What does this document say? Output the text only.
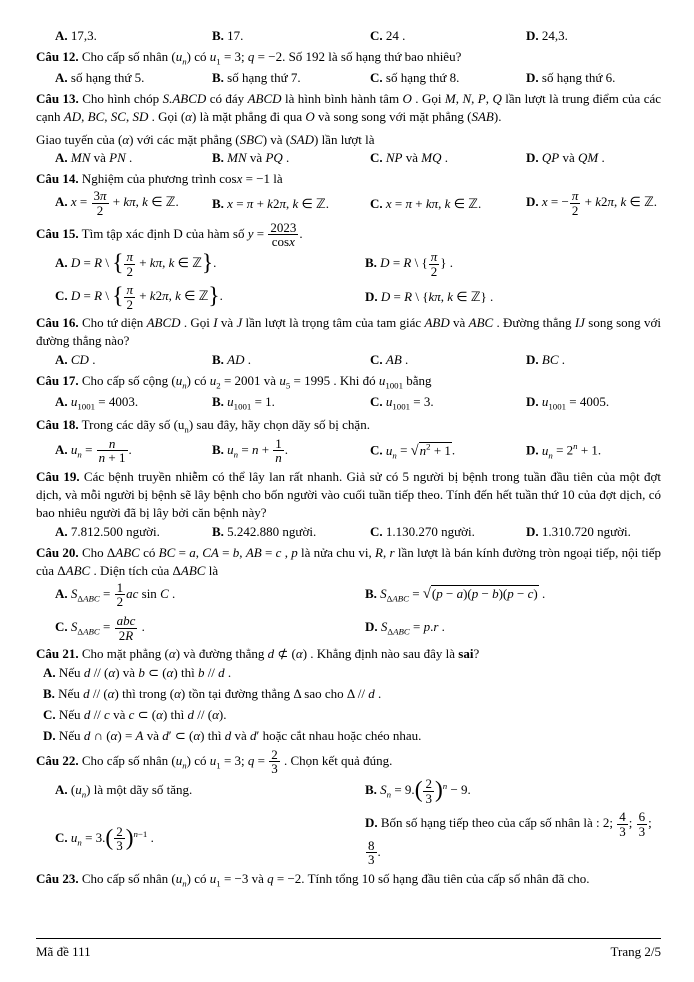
A. 17,3.	B. 17.	C. 24 .	D. 24,3.
Câu 12. Cho cấp số nhân $(u_n)$ có $u_1 = 3$; q = −2. Số 192 là số hạng thứ bao nhiêu?
A. số hạng thứ 5.	B. số hạng thứ 7.	C. số hạng thứ 8.	D. số hạng thứ 6.
Câu 13. Cho hình chóp S.ABCD có đáy ABCD là hình bình hành tâm O . Gọi M, N, P, Q lần lượt là trung điểm của các cạnh AD, BC, SC, SD . Gọi (α) là mặt phẳng đi qua O và song song với mặt phẳng (SAB).
Giao tuyến của (α) với các mặt phẳng (SBC) và (SAD) lần lượt là
A. MN và PN .	B. MN và PQ .	C. NP và MQ .	D. QP và QM .
Câu 14. Nghiệm của phương trình cosx = −1 là
A. $x = \frac{3\pi}{2} + k\pi$, k ∈ ℤ.	B. x = π + k2π, k ∈ ℤ.	C. x = π + kπ, k ∈ ℤ.	D. x = − $\frac{\pi}{2} + k2\pi$, k ∈ ℤ.
Câu 15. Tìm tập xác định D của hàm số $y = \frac{2023}{\cos x}$ .
A. D = R \ { $\frac{\pi}{2} + k\pi$, k ∈ ℤ}.	B. D = R \ { $\frac{\pi}{2}$ } .
C. D = R \ { $\frac{\pi}{2} + k2\pi$, k ∈ ℤ}.	D. D = R \ {kπ, k ∈ ℤ} .
Câu 16. Cho tứ diện ABCD . Gọi I và J lần lượt là trọng tâm của tam giác ABD và ABC . Đường thẳng IJ song song với đường thẳng nào?
A. CD .	B. AD .	C. AB .	D. BC .
Câu 17. Cho cấp số cộng $(u_n)$ có $u_2 = 2001$ và $u_5 = 1995$ . Khi đó $u_{1001}$ bằng
A. $u_{1001} = 4003$.	B. $u_{1001} = 1$.	C. $u_{1001} = 3$.	D. $u_{1001} = 4005$.
Câu 18. Trong các dãy số $(u_n)$ sau đây, hãy chọn dãy số bị chặn.
A. $u_n = \frac{n}{n + 1}$ .	B. $u_n = n + \frac{1}{n}$ .	C. $u_n = √n^2 + 1$.	D. $u_n = 2^n + 1$.
Câu 19. Các bệnh truyền nhiễm có thể lây lan rất nhanh. Giả sử có 5 người bị bệnh trong tuần đầu tiên của một đợt dịch, và mỗi người bị bệnh sẽ lây bệnh cho bốn người vào cuối tuần tiếp theo. Tính đến hết tuần thứ 10 của đợt dịch, có bao nhiêu người đã bị lây bởi căn bệnh này?
A. 7.812.500 người.	B. 5.242.880 người.	C. 1.130.270 người.	D. 1.310.720 người.
Câu 20. Cho ΔABC có BC = a, CA = b, AB = c , p là nửa chu vi, R, r lần lượt là bán kính đường tròn ngoại tiếp, nội tiếp của ΔABC . Diện tích của ΔABC là
A. $S_{\Delta ABC} = \frac{1}{2}$ ac sin C .	B. $S_{\Delta ABC} = √(p - a)(p - b)(p - c)$ .
C. $S_{\Delta ABC}$ = abc
2R
.	D. $S_{\Delta ABC} = p.r$ .
Câu 21. Cho mặt phẳng (α) và đường thẳng d ⊄ (α) . Khẳng định nào sau đây là sai?
A. Nếu d // (α) và b ⊂ (α) thì b // d .
B. Nếu d // (α) thì trong (α) tồn tại đường thẳng Δ sao cho Δ // d .
C. Nếu d // c và c ⊂ (α) thì d // (α).
D. Nếu d ∩ (α) = A và d′ ⊂ (α) thì d và d′ hoặc cắt nhau hoặc chéo nhau.
Câu 22. Cho cấp số nhân $(u_n)$ có $u_1 = 3$; $q = \frac{2}{3}$ . Chọn kết quả đúng.
A. $(u_n)$ là một dãy số tăng.	B. $S_n = 9.( \frac{2}{3} )^n - 9$.
C. $u_n = 3.( \frac{2}{3} )^{n-1}$ .
D. Bốn số hạng tiếp theo của cấp số nhân là : 2; $\frac{4}{3}$ ; $\frac{6}{3}$ ;
$\frac{8}{3}$ .
Câu 23. Cho cấp số nhân $(u_n)$ có $u_1 = -3$ và q = −2. Tính tổng 10 số hạng đầu tiên của cấp số nhân đã cho.
Mã đề 111	Trang 2/5
